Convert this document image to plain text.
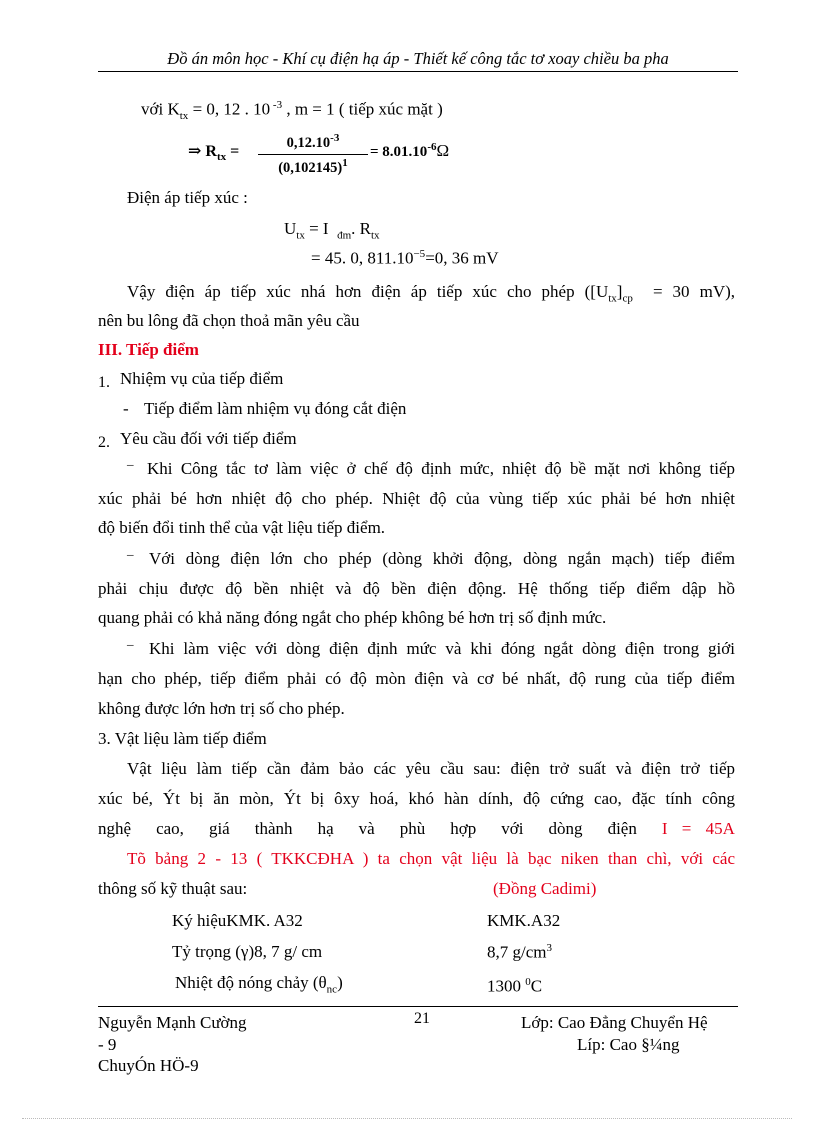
Đồ án môn học - Khí cụ điện hạ áp - Thiết kế công tắc tơ xoay chiều ba pha
với $K_{tx} = 0$, 12 . 10 $^{-3}$ , m = 1 ( tiếp xúc mặt )
⇒ $R_{tx}$ =
$0,12.10^{-3}$
$(0,102145)^1$
= $8.01.10^{-6}\Omega$
Điện áp tiếp xúc :
$U_{tx} = I$ $_{đm}$. $R_{tx}$
= 45. 0, $811.10^{-5}=0$, 36 mV
Vậy điện áp tiếp xúc nhá hơn điện áp tiếp xúc cho phép ($[U_{tx}]_{cp} = 30$ mV),
nên bu lông đã chọn thoả mãn yêu cầu
III. Tiếp điểm
1. Nhiệm vụ của tiếp điểm
- Tiếp điểm làm nhiệm vụ đóng cắt điện
2. Yêu cầu đối với tiếp điểm
_ Khi Công tắc tơ làm việc ở chế độ định mức, nhiệt độ bề mặt nơi không tiếp
xúc phải bé hơn nhiệt độ cho phép. Nhiệt độ của vùng tiếp xúc phải bé hơn nhiệt
độ biến đổi tinh thể của vật liệu tiếp điểm.
_ Với dòng điện lớn cho phép (dòng khởi động, dòng ngắn mạch) tiếp điểm
phải chịu được độ bền nhiệt và độ bền điện động. Hệ thống tiếp điểm dập hồ
quang phải có khả năng đóng ngắt cho phép không bé hơn trị số định mức.
_ Khi làm việc với dòng điện định mức và khi đóng ngắt dòng điện trong giới
hạn cho phép, tiếp điểm phải có độ mòn điện và cơ bé nhất, độ rung của tiếp điểm
không được lớn hơn trị số cho phép.
3. Vật liệu làm tiếp điểm
Vật liệu làm tiếp cần đảm bảo các yêu cầu sau: điện trở suất và điện trở tiếp
xúc bé, Ýt bị ăn mòn, Ýt bị ôxy hoá, khó hàn dính, độ cứng cao, đặc tính công
nghệ cao, giá thành hạ và phù hợp với dòng điện I = 45A
Tõ bảng 2 - 13 ( TKKCĐHA ) ta chọn vật liệu là bạc niken than chì, với các
thông số kỹ thuật sau:	(Đồng Cadimi)
Ký hiệuKMK. A32	KMK.A32
Tỷ trọng (γ)8, 7 g/ cm	8,7 $g/cm^3$
Nhiệt độ nóng chảy $(\theta_{nc})$	1300 $^0$C
Nguyễn Mạnh Cường
- 9
ChuyÓn HÖ-9
21	Lớp: Cao Đẳng Chuyển Hệ
Líp: Cao §¼ng
